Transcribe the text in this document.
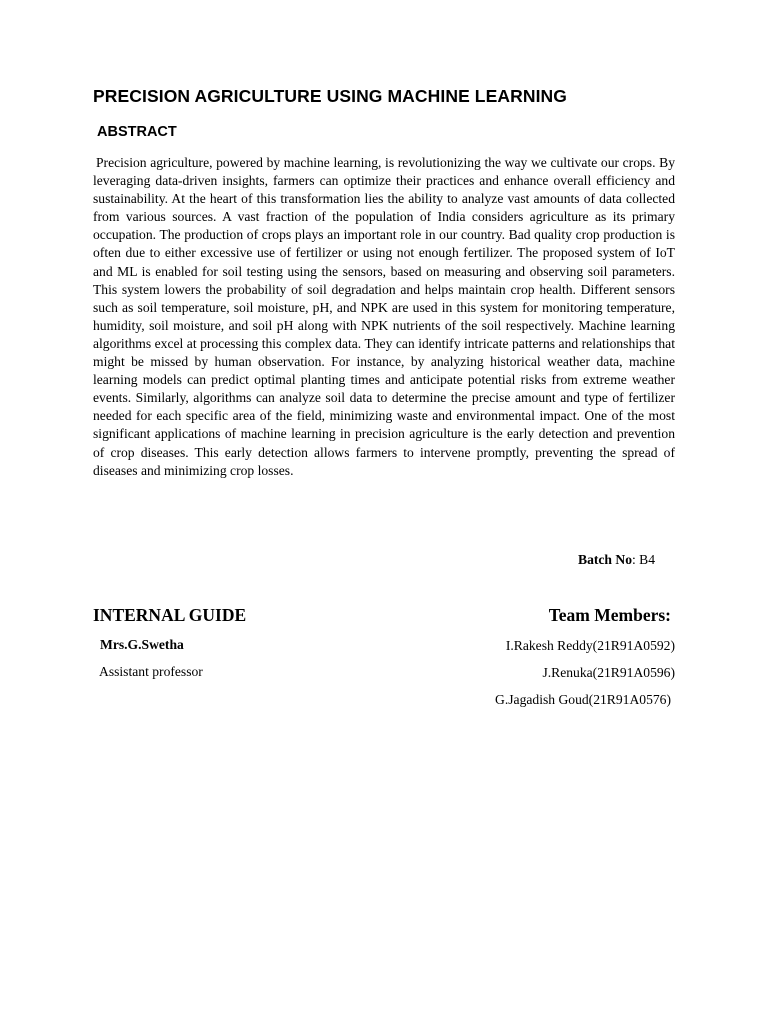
PRECISION AGRICULTURE USING MACHINE LEARNING
ABSTRACT
Precision agriculture, powered by machine learning, is revolutionizing the way we cultivate our crops. By leveraging data-driven insights, farmers can optimize their practices and enhance overall efficiency and sustainability. At the heart of this transformation lies the ability to analyze vast amounts of data collected from various sources. A vast fraction of the population of India considers agriculture as its primary occupation. The production of crops plays an important role in our country. Bad quality crop production is often due to either excessive use of fertilizer or using not enough fertilizer. The proposed system of IoT and ML is enabled for soil testing using the sensors, based on measuring and observing soil parameters. This system lowers the probability of soil degradation and helps maintain crop health. Different sensors such as soil temperature, soil moisture, pH, and NPK are used in this system for monitoring temperature, humidity, soil moisture, and soil pH along with NPK nutrients of the soil respectively. Machine learning algorithms excel at processing this complex data. They can identify intricate patterns and relationships that might be missed by human observation. For instance, by analyzing historical weather data, machine learning models can predict optimal planting times and anticipate potential risks from extreme weather events. Similarly, algorithms can analyze soil data to determine the precise amount and type of fertilizer needed for each specific area of the field, minimizing waste and environmental impact. One of the most significant applications of machine learning in precision agriculture is the early detection and prevention of crop diseases. This early detection allows farmers to intervene promptly, preventing the spread of diseases and minimizing crop losses.
Batch No: B4
INTERNAL GUIDE	Team Members:
Mrs.G.Swetha
Assistant professor
I.Rakesh Reddy(21R91A0592)
J.Renuka(21R91A0596)
G.Jagadish Goud(21R91A0576)
